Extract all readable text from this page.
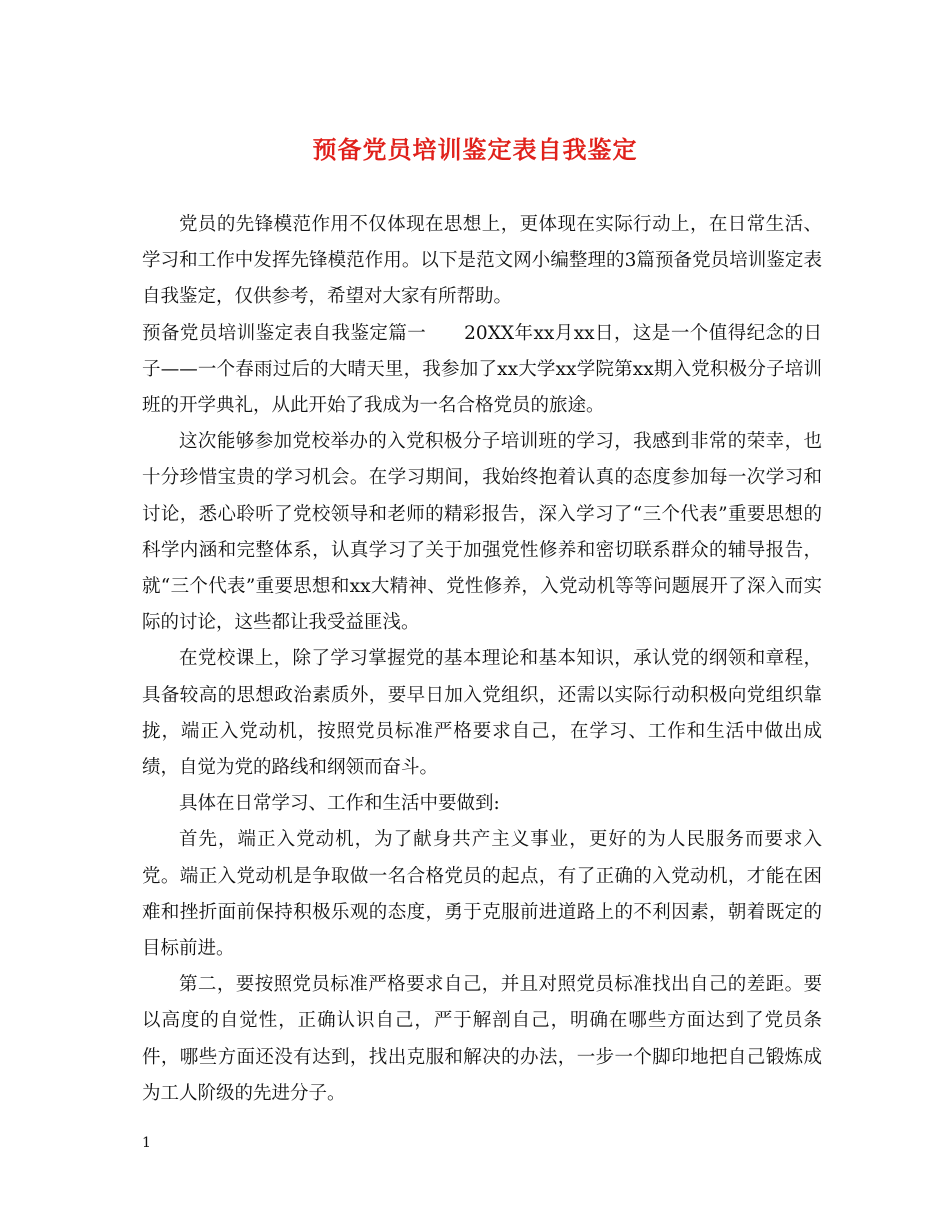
预备党员培训鉴定表自我鉴定

党员的先锋模范作用不仅体现在思想上，更体现在实际行动上，在日常生活、学习和工作中发挥先锋模范作用。以下是范文网小编整理的3篇预备党员培训鉴定表自我鉴定，仅供参考，希望对大家有所帮助。

预备党员培训鉴定表自我鉴定篇一　　20XX年xx月xx日，这是一个值得纪念的日子——一个春雨过后的大晴天里，我参加了xx大学xx学院第xx期入党积极分子培训班的开学典礼，从此开始了我成为一名合格党员的旅途。

这次能够参加党校举办的入党积极分子培训班的学习，我感到非常的荣幸，也十分珍惜宝贵的学习机会。在学习期间，我始终抱着认真的态度参加每一次学习和讨论，悉心聆听了党校领导和老师的精彩报告，深入学习了“三个代表”重要思想的科学内涵和完整体系，认真学习了关于加强党性修养和密切联系群众的辅导报告，就“三个代表”重要思想和xx大精神、党性修养，入党动机等等问题展开了深入而实际的讨论，这些都让我受益匪浅。

在党校课上，除了学习掌握党的基本理论和基本知识，承认党的纲领和章程，具备较高的思想政治素质外，要早日加入党组织，还需以实际行动积极向党组织靠拢，端正入党动机，按照党员标准严格要求自己，在学习、工作和生活中做出成绩，自觉为党的路线和纲领而奋斗。

具体在日常学习、工作和生活中要做到:

首先，端正入党动机，为了献身共产主义事业，更好的为人民服务而要求入党。端正入党动机是争取做一名合格党员的起点，有了正确的入党动机，才能在困难和挫折面前保持积极乐观的态度，勇于克服前进道路上的不利因素，朝着既定的目标前进。

第二，要按照党员标准严格要求自己，并且对照党员标准找出自己的差距。要以高度的自觉性，正确认识自己，严于解剖自己，明确在哪些方面达到了党员条件，哪些方面还没有达到，找出克服和解决的办法，一步一个脚印地把自己锻炼成为工人阶级的先进分子。

1
